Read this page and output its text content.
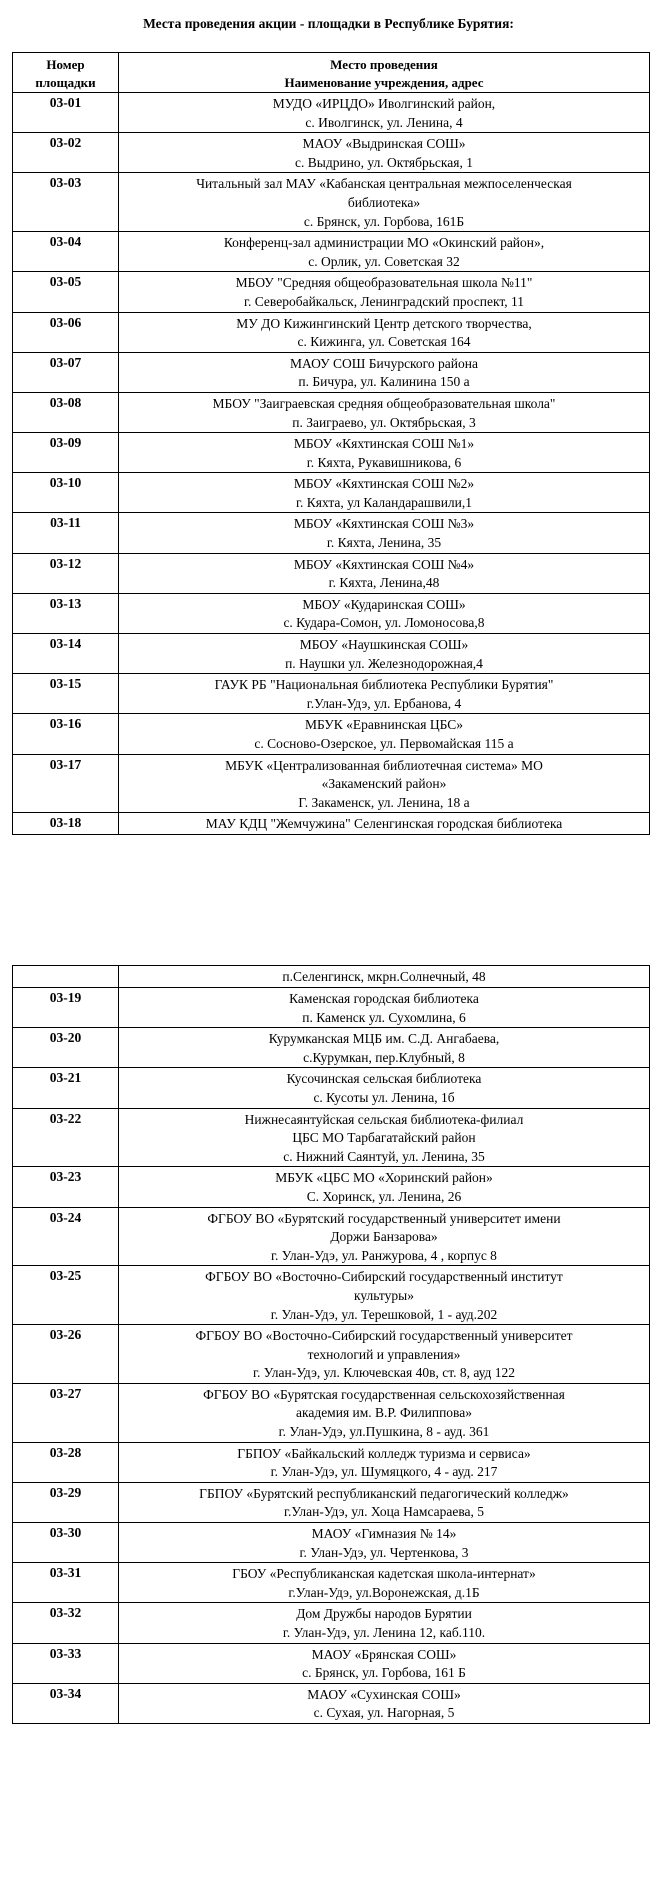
Места проведения акции - площадки в Республике Бурятия:
Номер
площадки	Место проведения
Наименование учреждения, адрес

03-01	МУДО «ИРЦДО» Иволгинский район,
с. Иволгинск, ул. Ленина, 4

03-02	МАОУ «Выдринская СОШ»
с. Выдрино, ул. Октябрьская, 1

03-03	Читальный зал МАУ «Кабанская центральная межпоселенческая
библиотека»
с. Брянск, ул. Горбова, 161Б

03-04	Конференц-зал администрации МО «Окинский район»,
с. Орлик, ул. Советская 32

03-05	МБОУ "Средняя общеобразовательная школа №11"
г. Северобайкальск, Ленинградский проспект, 11

03-06	МУ ДО Кижингинский Центр детского творчества,
с. Кижинга, ул. Советская 164

03-07	МАОУ СОШ Бичурского района
п. Бичура, ул. Калинина 150 а

03-08	МБОУ "Заиграевская средняя общеобразовательная школа"
п. Заиграево, ул. Октябрьская, 3

03-09	МБОУ «Кяхтинская СОШ №1»
г. Кяхта, Рукавишникова, 6

03-10	МБОУ «Кяхтинская СОШ №2»
г. Кяхта, ул Каландарашвили,1

03-11	МБОУ «Кяхтинская СОШ №3»
г. Кяхта, Ленина, 35

03-12	МБОУ «Кяхтинская СОШ №4»
г. Кяхта, Ленина,48

03-13	МБОУ «Кударинская СОШ»
с. Кудара-Сомон, ул. Ломоносова,8

03-14	МБОУ «Наушкинская СОШ»
п. Наушки ул. Железнодорожная,4

03-15	ГАУК РБ "Национальная библиотека Республики Бурятия"
г.Улан-Удэ, ул. Ербанова, 4

03-16	МБУК «Еравнинская ЦБС»
с. Сосново-Озерское, ул. Первомайская 115 а

03-17	МБУК «Централизованная библиотечная система» МО
«Закаменский район»
Г. Закаменск, ул. Ленина, 18 а

03-18	МАУ КДЦ "Жемчужина" Селенгинская городская библиотека

	п.Селенгинск, мкрн.Солнечный, 48

03-19	Каменская городская библиотека
п. Каменск ул. Сухомлина, 6

03-20	Курумканская МЦБ им. С.Д. Ангабаева,
с.Курумкан, пер.Клубный, 8

03-21	Кусочинская сельская библиотека
с. Кусоты ул. Ленина, 1б

03-22	Нижнесаянтуйская сельская библиотека-филиал
ЦБС МО Тарбагатайский район
с. Нижний Саянтуй, ул. Ленина, 35

03-23	МБУК «ЦБС МО «Хоринский район»
С. Хоринск, ул. Ленина, 26

03-24	ФГБОУ ВО «Бурятский государственный университет имени
Доржи Банзарова»
г. Улан-Удэ, ул. Ранжурова, 4 , корпус 8

03-25	ФГБОУ ВО «Восточно-Сибирский государственный институт
культуры»
г. Улан-Удэ, ул. Терешковой, 1 - ауд.202

03-26	ФГБОУ ВО «Восточно-Сибирский государственный университет
технологий и управления»
г. Улан-Удэ, ул. Ключевская 40в, ст. 8, ауд 122

03-27	ФГБОУ ВО «Бурятская государственная сельскохозяйственная
академия им. В.Р. Филиппова»
г. Улан-Удэ, ул.Пушкина, 8 - ауд. 361

03-28	ГБПОУ «Байкальский колледж туризма и сервиса»
г. Улан-Удэ, ул. Шумяцкого, 4 - ауд. 217

03-29	ГБПОУ «Бурятский республиканский педагогический колледж»
г.Улан-Удэ, ул. Хоца Намсараева, 5

03-30	МАОУ «Гимназия № 14»
г. Улан-Удэ, ул. Чертенкова, 3

03-31	ГБОУ «Республиканская кадетская школа-интернат»
г.Улан-Удэ, ул.Воронежская, д.1Б

03-32	Дом Дружбы народов Бурятии
г. Улан-Удэ, ул. Ленина 12, каб.110.

03-33	МАОУ «Брянская СОШ»
с. Брянск, ул. Горбова, 161 Б

03-34	МАОУ «Сухинская СОШ»
с. Сухая, ул. Нагорная, 5
